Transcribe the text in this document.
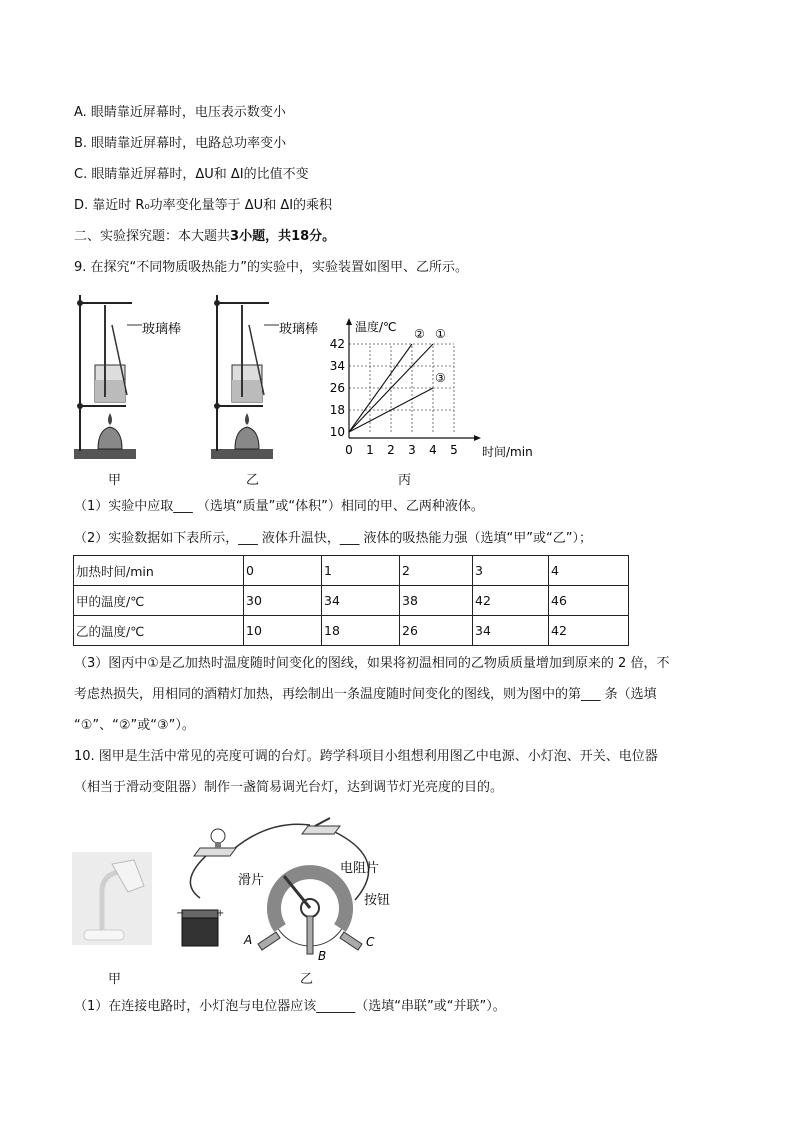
A. 眼睛靠近屏幕时，电压表示数变小
B. 眼睛靠近屏幕时，电路总功率变小
C. 眼睛靠近屏幕时，ΔU和 ΔI的比值不变
D. 靠近时 R₀功率变化量等于 ΔU和 ΔI的乘积
二、实验探究题：本大题共3小题，共18分。
9. 在探究“不同物质吸热能力”的实验中，实验装置如图甲、乙所示。
玻璃棒
甲
玻璃棒
乙
0 1 2 3 4 5
10
18
26
34
42
温度/℃
时间/min
①
②
③
丙
（1）实验中应取___ （选填“质量”或“体积”）相同的甲、乙两种液体。
（2）实验数据如下表所示，___ 液体升温快，___ 液体的吸热能力强（选填“甲”或“乙”）；
加热时间/min	0	1	2	3	4
甲的温度/℃	30	34	38	42	46
乙的温度/℃	10	18	26	34	42
（3）图丙中①是乙加热时温度随时间变化的图线，如果将初温相同的乙物质质量增加到原来的 2 倍，不
考虑热损失，用相同的酒精灯加热，再绘制出一条温度随时间变化的图线，则为图中的第___ 条（选填
“①”、“②”或“③”）。
10. 图甲是生活中常见的亮度可调的台灯。跨学科项目小组想利用图乙中电源、小灯泡、开关、电位器
（相当于滑动变阻器）制作一盏简易调光台灯，达到调节灯光亮度的目的。
甲
−	+
电阻片
滑片
按钮
A
B
C
乙
（1）在连接电路时，小灯泡与电位器应该______（选填“串联”或“并联”）。
